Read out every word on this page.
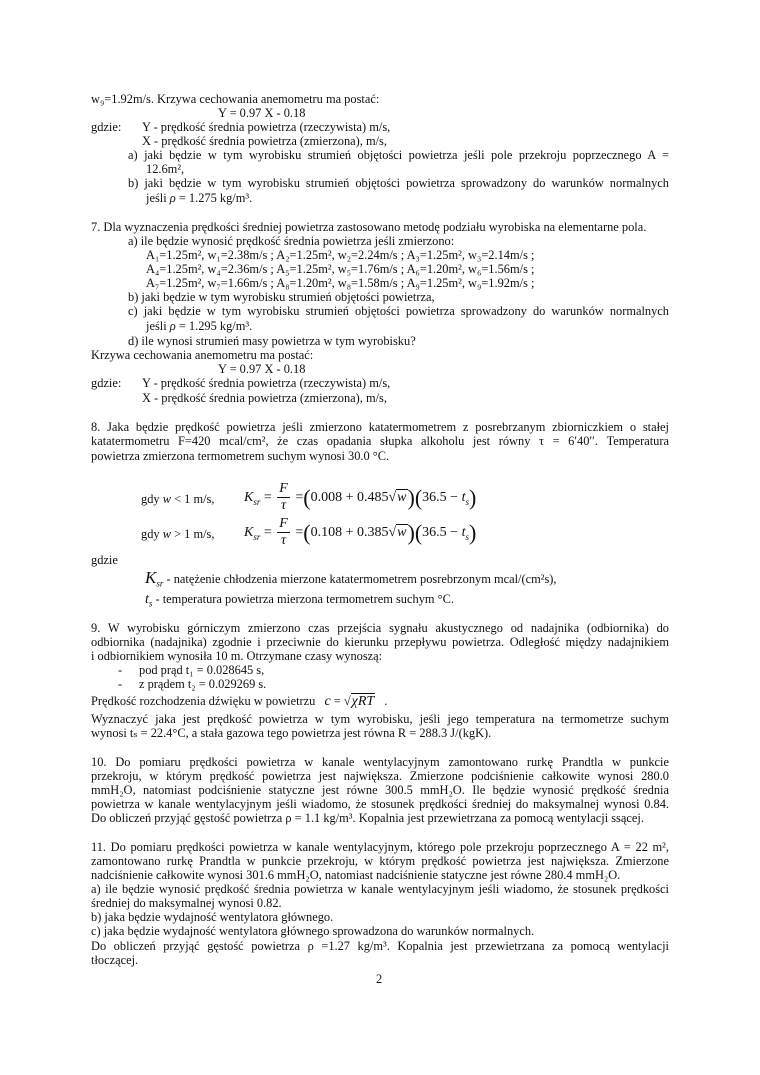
w₉=1.92m/s. Krzywa cechowania anemometru ma postać:
Y = 0.97 X - 0.18
gdzie: Y - prędkość średnia powietrza (rzeczywista) m/s,
X - prędkość średnia powietrza (zmierzona), m/s,
a) jaki będzie w tym wyrobisku strumień objętości powietrza jeśli pole przekroju poprzecznego A =
12.6m²,
b) jaki będzie w tym wyrobisku strumień objętości powietrza sprowadzony do warunków normalnych
jeśli ρ = 1.275 kg/m³.
7. Dla wyznaczenia prędkości średniej powietrza zastosowano metodę podziału wyrobiska na elementarne pola.
a) ile będzie wynosić prędkość średnia powietrza jeśli zmierzono:
A₁=1.25m², w₁=2.38m/s ; A₂=1.25m², w₂=2.24m/s ; A₃=1.25m², w₃=2.14m/s ;
A₄=1.25m², w₄=2.36m/s ; A₅=1.25m², w₅=1.76m/s ; A₆=1.20m², w₆=1.56m/s ;
A₇=1.25m², w₇=1.66m/s ; A₈=1.20m², w₈=1.58m/s ; A₉=1.25m², w₉=1.92m/s ;
b) jaki będzie w tym wyrobisku strumień objętości powietrza,
c) jaki będzie w tym wyrobisku strumień objętości powietrza sprowadzony do warunków normalnych
jeśli ρ = 1.295 kg/m³.
d) ile wynosi strumień masy powietrza w tym wyrobisku?
Krzywa cechowania anemometru ma postać:
Y = 0.97 X - 0.18
gdzie: Y - prędkość średnia powietrza (rzeczywista) m/s,
X - prędkość średnia powietrza (zmierzona), m/s,
8. Jaka będzie prędkość powietrza jeśli zmierzono katatermometrem z posrebrzanym zbiorniczkiem o stałej
katatermometru F=420 mcal/cm², że czas opadania słupka alkoholu jest równy τ = 6′40′′. Temperatura
powietrza zmierzona termometrem suchym wynosi 30.0 °C.
gdy w < 1 m/s, $K_{sr} = \frac{F}{\tau} =(0.008 + 0.485√w)(36.5 - t_s)$
gdy w > 1 m/s, $K_{sr} = \frac{F}{\tau} =(0.108 + 0.385√w)(36.5 - t_s)$
gdzie
$K_{sr}$ - natężenie chłodzenia mierzone katatermometrem posrebrzonym mcal/(cm²s),
$t_s$ - temperatura powietrza mierzona termometrem suchym °C.
9. W wyrobisku górniczym zmierzono czas przejścia sygnału akustycznego od nadajnika (odbiornika) do
odbiornika (nadajnika) zgodnie i przeciwnie do kierunku przepływu powietrza. Odległość między nadajnikiem
i odbiornikiem wynosiła 10 m. Otrzymane czasy wynoszą:
- pod prąd t₁ = 0.028645 s,
- z prądem t₂ = 0.029269 s.
Prędkość rozchodzenia dźwięku w powietrzu c = √χRT .
Wyznaczyć jaka jest prędkość powietrza w tym wyrobisku, jeśli jego temperatura na termometrze suchym
wynosi tₛ = 22.4°C, a stała gazowa tego powietrza jest równa R = 288.3 J/(kgK).
10. Do pomiaru prędkości powietrza w kanale wentylacyjnym zamontowano rurkę Prandtla w punkcie
przekroju, w którym prędkość powietrza jest największa. Zmierzone podciśnienie całkowite wynosi 280.0
mmH₂O, natomiast podciśnienie statyczne jest równe 300.5 mmH₂O. Ile będzie wynosić prędkość średnia
powietrza w kanale wentylacyjnym jeśli wiadomo, że stosunek prędkości średniej do maksymalnej wynosi 0.84.
Do obliczeń przyjąć gęstość powietrza ρ = 1.1 kg/m³. Kopalnia jest przewietrzana za pomocą wentylacji ssącej.
11. Do pomiaru prędkości powietrza w kanale wentylacyjnym, którego pole przekroju poprzecznego A = 22 m²,
zamontowano rurkę Prandtla w punkcie przekroju, w którym prędkość powietrza jest największa. Zmierzone
nadciśnienie całkowite wynosi 301.6 mmH₂O, natomiast nadciśnienie statyczne jest równe 280.4 mmH₂O.
a) ile będzie wynosić prędkość średnia powietrza w kanale wentylacyjnym jeśli wiadomo, że stosunek prędkości
średniej do maksymalnej wynosi 0.82.
b) jaka będzie wydajność wentylatora głównego.
c) jaka będzie wydajność wentylatora głównego sprowadzona do warunków normalnych.
Do obliczeń przyjąć gęstość powietrza ρ =1.27 kg/m³. Kopalnia jest przewietrzana za pomocą wentylacji
tłoczącej.
2
